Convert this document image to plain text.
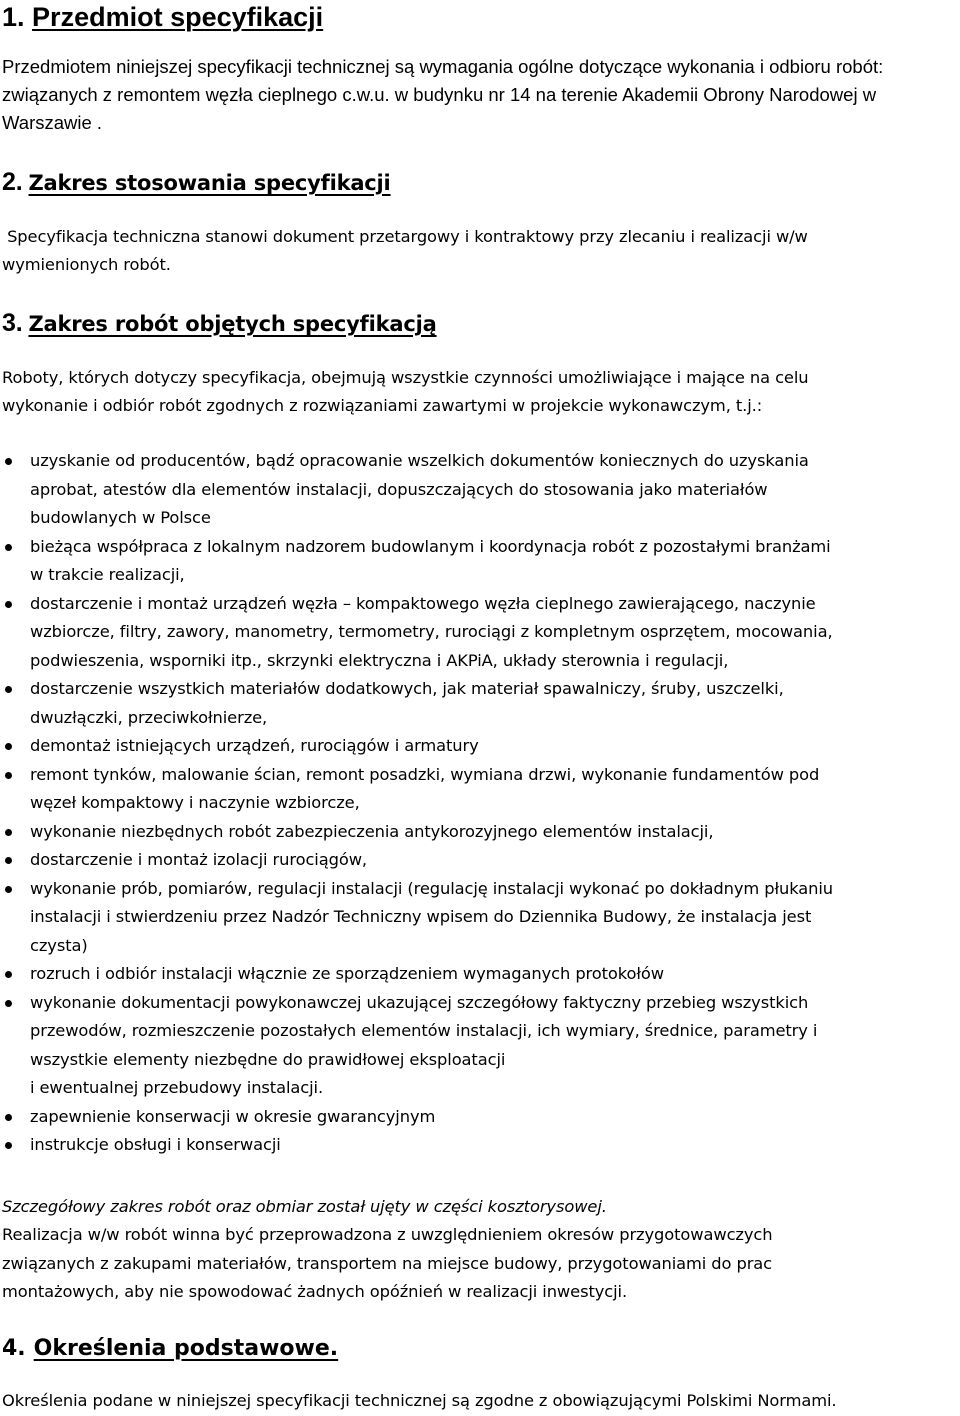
1. Przedmiot specyfikacji
Przedmiotem niniejszej specyfikacji technicznej są wymagania ogólne dotyczące wykonania i odbioru robót: związanych z remontem węzła cieplnego c.w.u. w budynku nr 14 na terenie Akademii Obrony Narodowej w Warszawie .
2. Zakres stosowania specyfikacji
Specyfikacja techniczna stanowi dokument przetargowy i kontraktowy przy zlecaniu i realizacji w/w
wymienionych robót.
3. Zakres robót objętych specyfikacją
Roboty, których dotyczy specyfikacja, obejmują wszystkie czynności umożliwiające i mające na celu
wykonanie i odbiór robót zgodnych z rozwiązaniami zawartymi w projekcie wykonawczym, t.j.:
uzyskanie od producentów, bądź opracowanie wszelkich dokumentów koniecznych do uzyskania
aprobat, atestów dla elementów instalacji, dopuszczających do stosowania jako materiałów
budowlanych w Polsce
bieżąca współpraca z lokalnym nadzorem budowlanym i koordynacja robót z pozostałymi branżami
w trakcie realizacji,
dostarczenie i montaż urządzeń węzła – kompaktowego węzła cieplnego zawierającego, naczynie
wzbiorcze, filtry, zawory, manometry, termometry, rurociągi z kompletnym osprzętem, mocowania,
podwieszenia, wsporniki itp., skrzynki elektryczna i AKPiA, układy sterownia i regulacji,
dostarczenie wszystkich materiałów dodatkowych, jak materiał spawalniczy, śruby, uszczelki,
dwuzłączki, przeciwkołnierze,
demontaż istniejących urządzeń, rurociągów i armatury
remont tynków, malowanie ścian, remont posadzki, wymiana drzwi, wykonanie fundamentów pod
węzeł kompaktowy i naczynie wzbiorcze,
wykonanie niezbędnych robót zabezpieczenia antykorozyjnego elementów instalacji,
dostarczenie i montaż izolacji rurociągów,
wykonanie prób, pomiarów, regulacji instalacji (regulację instalacji wykonać po dokładnym płukaniu
instalacji i stwierdzeniu przez Nadzór Techniczny wpisem do Dziennika Budowy, że instalacja jest
czysta)
rozruch i odbiór instalacji włącznie ze sporządzeniem wymaganych protokołów
wykonanie dokumentacji powykonawczej ukazującej szczegółowy faktyczny przebieg wszystkich
przewodów, rozmieszczenie pozostałych elementów instalacji, ich wymiary, średnice, parametry i
wszystkie elementy niezbędne do prawidłowej eksploatacji
i ewentualnej przebudowy instalacji.
zapewnienie konserwacji w okresie gwarancyjnym
instrukcje obsługi i konserwacji
Szczegółowy zakres robót oraz obmiar został ujęty w części kosztorysowej.
Realizacja w/w robót winna być przeprowadzona z uwzględnieniem okresów przygotowawczych
związanych z zakupami materiałów, transportem na miejsce budowy, przygotowaniami do prac
montażowych, aby nie spowodować żadnych opóźnień w realizacji inwestycji.
4. Określenia podstawowe.
Określenia podane w niniejszej specyfikacji technicznej są zgodne z obowiązującymi Polskimi Normami.
